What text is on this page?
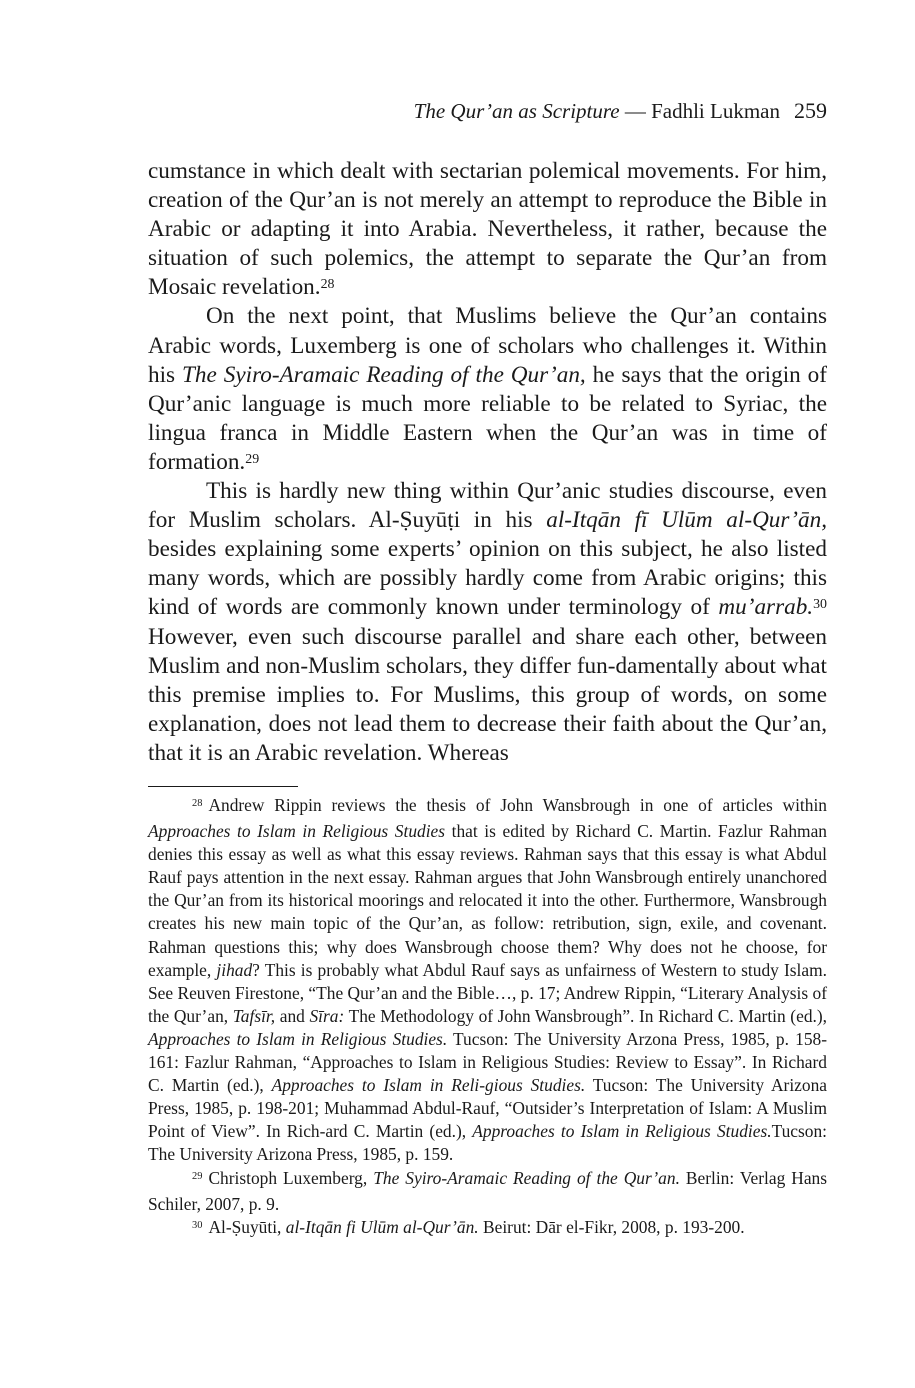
The Qur’an as Scripture — Fadhli Lukman 259

cumstance in which dealt with sectarian polemical movements. For him, creation of the Qur’an is not merely an attempt to reproduce the Bible in Arabic or adapting it into Arabia. Nevertheless, it rather, because the situation of such polemics, the attempt to separate the Qur’an from Mosaic revelation.$^{28}$

On the next point, that Muslims believe the Qur’an contains Arabic words, Luxemberg is one of scholars who challenges it. Within his The Syiro-Aramaic Reading of the Qur’an, he says that the origin of Qur’anic language is much more reliable to be related to Syriac, the lingua franca in Middle Eastern when the Qur’an was in time of formation.$^{29}$

This is hardly new thing within Qur’anic studies discourse, even for Muslim scholars. Al-Ṣuyūṭi in his al-Itqān fī Ulūm al-Qur’ān, besides explaining some experts’ opinion on this subject, he also listed many words, which are possibly hardly come from Arabic origins; this kind of words are commonly known under terminology of mu’arrab.$^{30}$ However, even such discourse parallel and share each other, between Muslim and non-Muslim scholars, they differ fun-damentally about what this premise implies to. For Muslims, this group of words, on some explanation, does not lead them to decrease their faith about the Qur’an, that it is an Arabic revelation. Whereas

$^{28}$ Andrew Rippin reviews the thesis of John Wansbrough in one of articles within Approaches to Islam in Religious Studies that is edited by Richard C. Martin. Fazlur Rahman denies this essay as well as what this essay reviews. Rahman says that this essay is what Abdul Rauf pays attention in the next essay. Rahman argues that John Wansbrough entirely unanchored the Qur’an from its historical moorings and relocated it into the other. Furthermore, Wansbrough creates his new main topic of the Qur’an, as follow: retribution, sign, exile, and covenant. Rahman questions this; why does Wansbrough choose them? Why does not he choose, for example, jihad? This is probably what Abdul Rauf says as unfairness of Western to study Islam. See Reuven Firestone, “The Qur’an and the Bible…, p. 17; Andrew Rippin, “Literary Analysis of the Qur’an, Tafsīr, and Sīra: The Methodology of John Wansbrough”. In Richard C. Martin (ed.), Approaches to Islam in Religious Studies. Tucson: The University Arzona Press, 1985, p. 158-161: Fazlur Rahman, “Approaches to Islam in Religious Studies: Review to Essay”. In Richard C. Martin (ed.), Approaches to Islam in Reli-gious Studies. Tucson: The University Arizona Press, 1985, p. 198-201; Muhammad Abdul-Rauf, “Outsider’s Interpretation of Islam: A Muslim Point of View”. In Rich-ard C. Martin (ed.), Approaches to Islam in Religious Studies.Tucson: The University Arizona Press, 1985, p. 159.

$^{29}$ Christoph Luxemberg, The Syiro-Aramaic Reading of the Qur’an. Berlin: Verlag Hans Schiler, 2007, p. 9.

$^{30}$ Al-Ṣuyūti, al-Itqān fi Ulūm al-Qur’ān. Beirut: Dār el-Fikr, 2008, p. 193-200.
